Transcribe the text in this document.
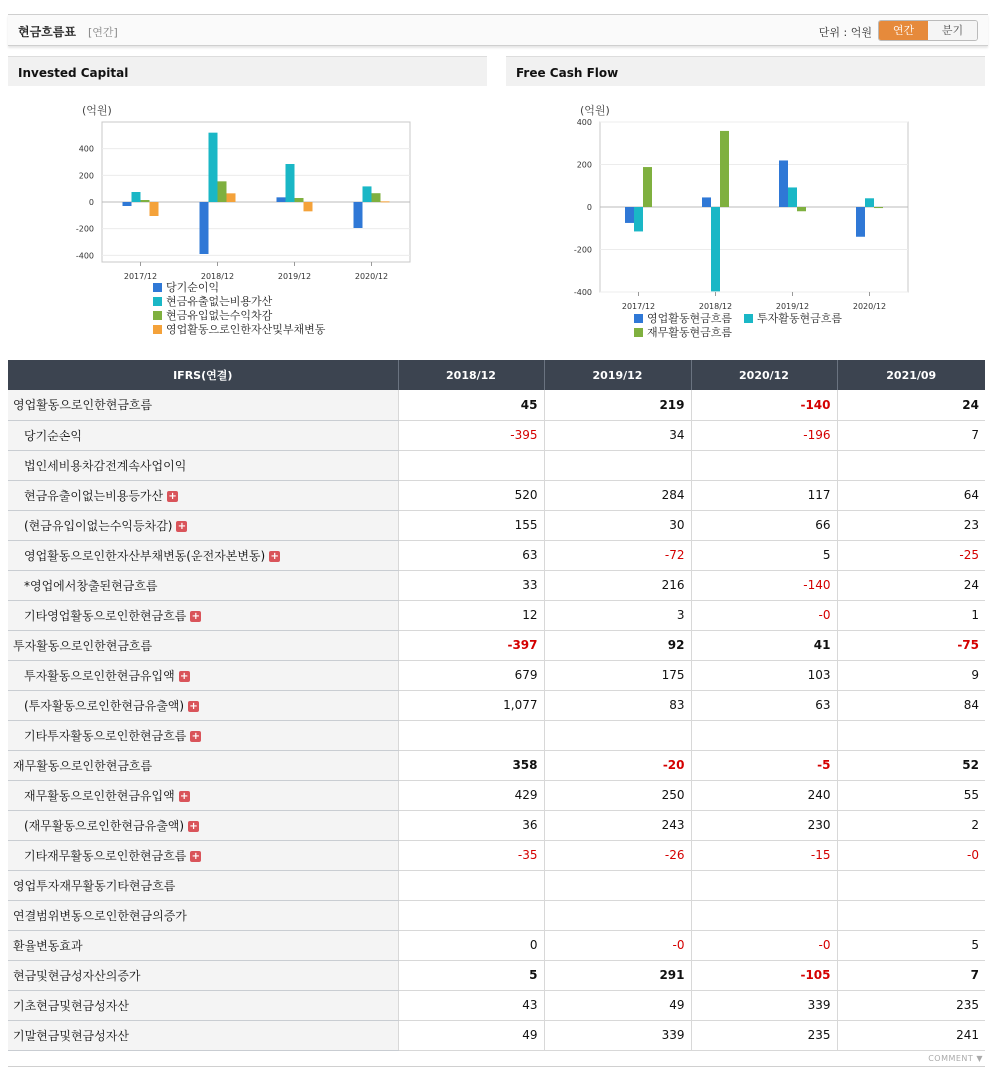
현금흐름표 [연간]	단위 : 억원	연간	분기
Invested Capital
(억원)
400
200
0
-200
-400
2017/12	2018/12	2019/12	2020/12
당기순이익
현금유출없는비용가산
현금유입없는수익차감
영업활동으로인한자산및부채변동
Free Cash Flow
(억원)
400
200
0
-200
-400
2017/12	2018/12	2019/12	2020/12
영업활동현금흐름 투자활동현금흐름
재무활동현금흐름
IFRS(연결)	2018/12	2019/12	2020/12	2021/09
영업활동으로인한현금흐름	45	219	-140	24
당기순손익	-395	34	-196	7
법인세비용차감전계속사업이익				
현금유출이없는비용등가산 +	520	284	117	64
(현금유입이없는수익등차감) +	155	30	66	23
영업활동으로인한자산부채변동(운전자본변동) +	63	-72	5	-25
*영업에서창출된현금흐름	33	216	-140	24
기타영업활동으로인한현금흐름 +	12	3	-0	1
투자활동으로인한현금흐름	-397	92	41	-75
투자활동으로인한현금유입액 +	679	175	103	9
(투자활동으로인한현금유출액) +	1,077	83	63	84
기타투자활동으로인한현금흐름 +				
재무활동으로인한현금흐름	358	-20	-5	52
재무활동으로인한현금유입액 +	429	250	240	55
(재무활동으로인한현금유출액) +	36	243	230	2
기타재무활동으로인한현금흐름 +	-35	-26	-15	-0
영업투자재무활동기타현금흐름				
연결범위변동으로인한현금의증가				
환율변동효과	0	-0	-0	5
현금및현금성자산의증가	5	291	-105	7
기초현금및현금성자산	43	49	339	235
기말현금및현금성자산	49	339	235	241
COMMENT ▼
